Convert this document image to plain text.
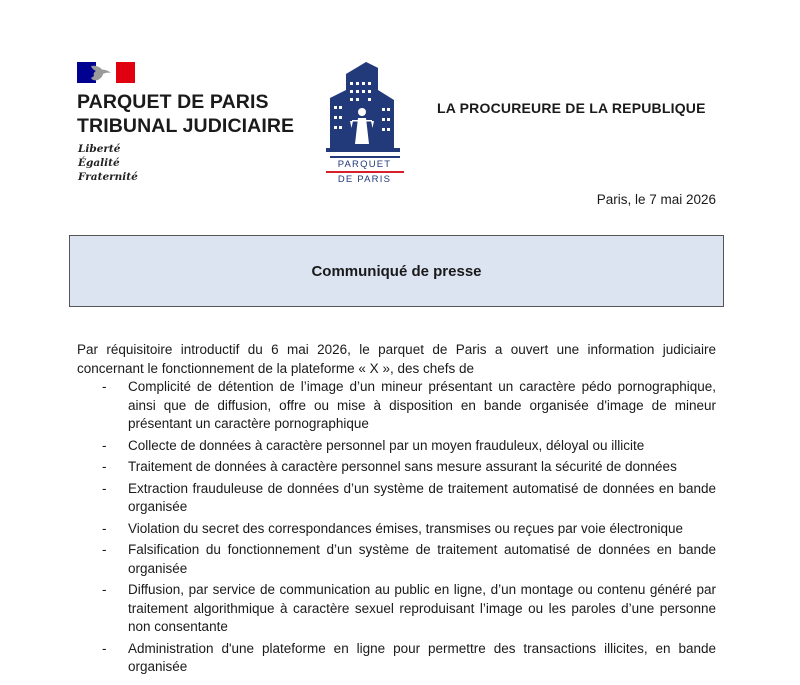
PARQUET DE PARIS
TRIBUNAL JUDICIAIRE
Liberté
Égalité
Fraternité
PARQUET
DE PARIS
LA PROCUREURE DE LA REPUBLIQUE
Paris, le 7 mai 2026
Communiqué de presse

Par réquisitoire introductif du 6 mai 2026, le parquet de Paris a ouvert une information judiciaire concernant le fonctionnement de la plateforme « X », des chefs de

- Complicité de détention de l’image d’un mineur présentant un caractère pédo pornographique, ainsi que de diffusion, offre ou mise à disposition en bande organisée d'image de mineur présentant un caractère pornographique
- Collecte de données à caractère personnel par un moyen frauduleux, déloyal ou illicite
- Traitement de données à caractère personnel sans mesure assurant la sécurité de données
- Extraction frauduleuse de données d’un système de traitement automatisé de données en bande organisée
- Violation du secret des correspondances émises, transmises ou reçues par voie électronique
- Falsification du fonctionnement d’un système de traitement automatisé de données en bande organisée
- Diffusion, par service de communication au public en ligne, d’un montage ou contenu généré par traitement algorithmique à caractère sexuel reproduisant l’image ou les paroles d’une personne non consentante
- Administration d'une plateforme en ligne pour permettre des transactions illicites, en bande organisée
